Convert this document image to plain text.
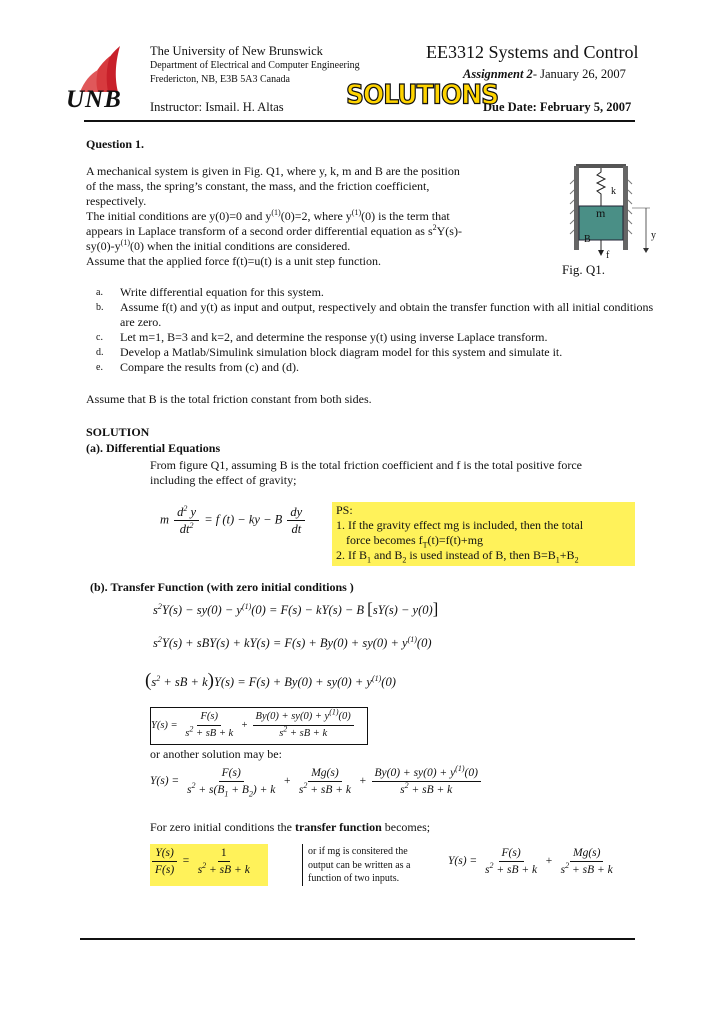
UNB
The University of New Brunswick
Department of Electrical and Computer Engineering
Fredericton, NB, E3B 5A3 Canada
Instructor: Ismail. H. Altas
EE3312 Systems and Control
Assignment 2- January 26, 2007
Due Date: February 5, 2007
SOLUTIONS
Question 1.
A mechanical system is given in Fig. Q1, where y, k, m and B are the position
of the mass, the spring’s constant, the mass, and the friction coefficient,
respectively.
The initial conditions are y(0)=0 and $y^{(1)}(0)=2$, where $y^{(1)}(0)$ is the term that
appears in Laplace transform of a second order differential equation as $s^2Y(s)-$
$sy(0)-y^{(1)}(0)$ when the initial conditions are considered.
Assume that the applied force f(t)=u(t) is a unit step function.
k
m
B	y
f
Fig. Q1.
a. Write differential equation for this system.
b. Assume f(t) and y(t) as input and output, respectively and obtain the transfer function with all initial conditions are zero.
c. Let m=1, B=3 and k=2, and determine the response y(t) using inverse Laplace transform.
d. Develop a Matlab/Simulink simulation block diagram model for this system and simulate it.
e. Compare the results from (c) and (d).
Assume that B is the total friction constant from both sides.
SOLUTION
(a). Differential Equations
From figure Q1, assuming B is the total friction coefficient and f is the total positive force
including the effect of gravity;
m $\frac{d^2 y}{dt^2} = f$ (t) − ky − B $\frac{dy}{dt}$	PS:
1. If the gravity effect mg is included, then the total
force becomes $f_T(t)=f(t)+mg$
2. If $B_1$ and $B_2$ is used instead of B, then $B=B_1+B_2$
(b). Transfer Function (with zero initial conditions )
$s^2Y(s) - sy(0) - y^{(1)}(0) = F(s) - kY(s) - B$ [sY(s) − y(0)]
$s^2Y(s) + sBY(s) + kY(s) = F(s) + By(0) + sy(0) + y^{(1)}(0)$
($s^2$ + sB + $k)Y(s) = F(s) + By(0) + sy(0) + y^{(1)}(0)$
$Y(s) = \frac{F(s)}{s^2 + sB + k} + \frac{By(0) + sy(0) + y^{(1)}(0)}{s^2 + sB + k}$
or another solution may be:
$Y(s) = \frac{F(s)}{s^2 + s(B_1 + B_2) + k} + \frac{Mg(s)}{s^2 + sB + k} + \frac{By(0) + sy(0) + y^{(1)}(0)}{s^2 + sB + k}$
For zero initial conditions the transfer function becomes;
$\frac{Y(s)}{F(s)} = \frac{1}{s^2 + sB + k}$	or if mg is consitered the
output can be written as a
function of two inputs.
$Y(s) = \frac{F(s)}{s^2 + sB + k} + \frac{Mg(s)}{s^2 + sB + k}$
